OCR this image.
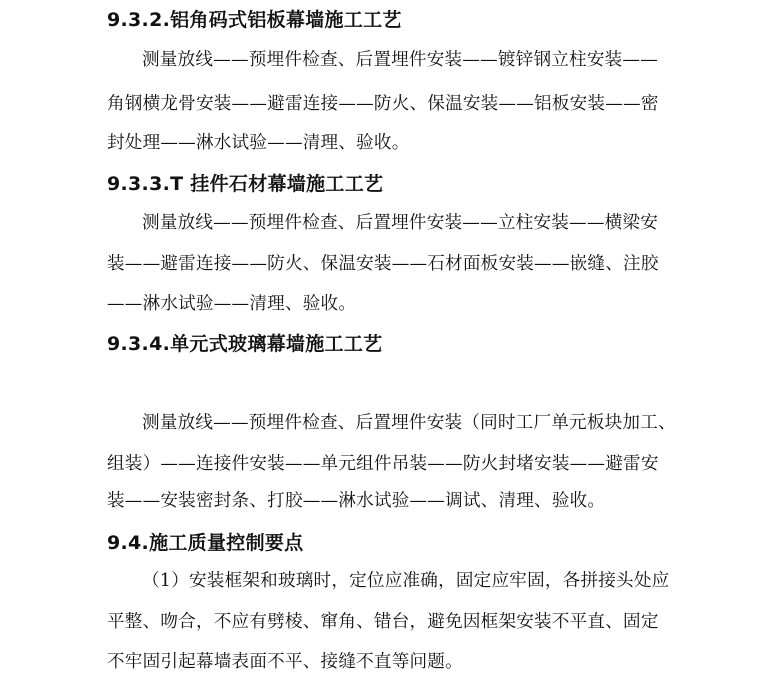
9.3.2.铝角码式铝板幕墙施工工艺
测量放线——预埋件检查、后置埋件安装——镀锌钢立柱安装——
角钢横龙骨安装——避雷连接——防火、保温安装——铝板安装——密
封处理——淋水试验——清理、验收。
9.3.3.T 挂件石材幕墙施工工艺
测量放线——预埋件检查、后置埋件安装——立柱安装——横梁安
装——避雷连接——防火、保温安装——石材面板安装——嵌缝、注胶
——淋水试验——清理、验收。
9.3.4.单元式玻璃幕墙施工工艺
测量放线——预埋件检查、后置埋件安装（同时工厂单元板块加工、
组装）——连接件安装——单元组件吊装——防火封堵安装——避雷安
装——安装密封条、打胶——淋水试验——调试、清理、验收。
9.4.施工质量控制要点
（1）安装框架和玻璃时，定位应准确，固定应牢固，各拼接头处应
平整、吻合，不应有劈棱、窜角、错台，避免因框架安装不平直、固定
不牢固引起幕墙表面不平、接缝不直等问题。
